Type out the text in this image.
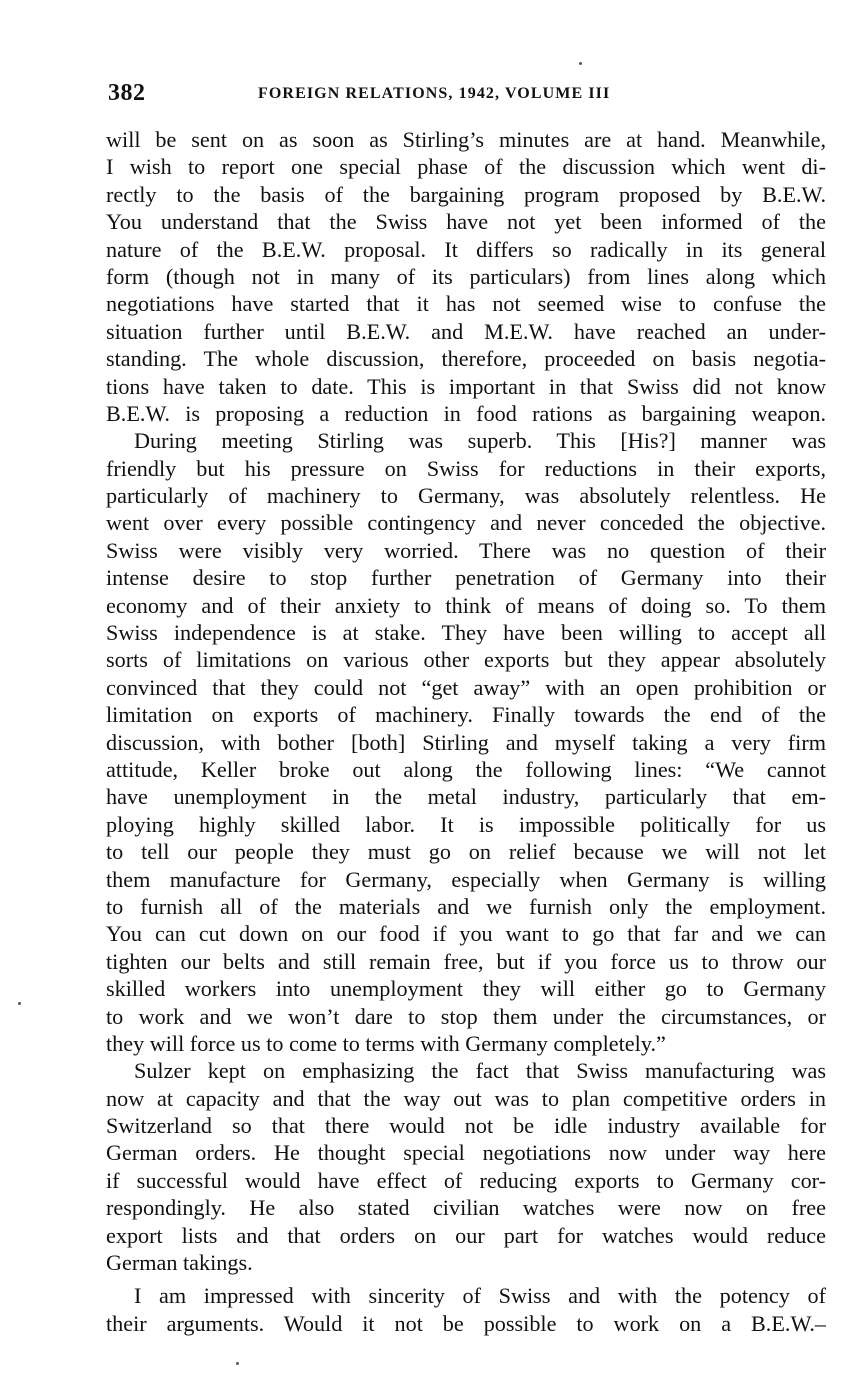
382	FOREIGN RELATIONS, 1942, VOLUME III
will be sent on as soon as Stirling’s minutes are at hand. Meanwhile,
I wish to report one special phase of the discussion which went di-
rectly to the basis of the bargaining program proposed by B.E.W.
You understand that the Swiss have not yet been informed of the
nature of the B.E.W. proposal. It differs so radically in its general
form (though not in many of its particulars) from lines along which
negotiations have started that it has not seemed wise to confuse the
situation further until B.E.W. and M.E.W. have reached an under-
standing. The whole discussion, therefore, proceeded on basis negotia-
tions have taken to date. This is important in that Swiss did not know
B.E.W. is proposing a reduction in food rations as bargaining weapon.
During meeting Stirling was superb. This [His?] manner was
friendly but his pressure on Swiss for reductions in their exports,
particularly of machinery to Germany, was absolutely relentless. He
went over every possible contingency and never conceded the objective.
Swiss were visibly very worried. There was no question of their
intense desire to stop further penetration of Germany into their
economy and of their anxiety to think of means of doing so. To them
Swiss independence is at stake. They have been willing to accept all
sorts of limitations on various other exports but they appear absolutely
convinced that they could not “get away” with an open prohibition or
limitation on exports of machinery. Finally towards the end of the
discussion, with bother [both] Stirling and myself taking a very firm
attitude, Keller broke out along the following lines: “We cannot
have unemployment in the metal industry, particularly that em-
ploying highly skilled labor. It is impossible politically for us
to tell our people they must go on relief because we will not let
them manufacture for Germany, especially when Germany is willing
to furnish all of the materials and we furnish only the employment.
You can cut down on our food if you want to go that far and we can
tighten our belts and still remain free, but if you force us to throw our
skilled workers into unemployment they will either go to Germany
to work and we won’t dare to stop them under the circumstances, or
they will force us to come to terms with Germany completely.”
Sulzer kept on emphasizing the fact that Swiss manufacturing was
now at capacity and that the way out was to plan competitive orders in
Switzerland so that there would not be idle industry available for
German orders. He thought special negotiations now under way here
if successful would have effect of reducing exports to Germany cor-
respondingly. He also stated civilian watches were now on free
export lists and that orders on our part for watches would reduce
German takings.
I am impressed with sincerity of Swiss and with the potency of
their arguments. Would it not be possible to work on a B.E.W.–
